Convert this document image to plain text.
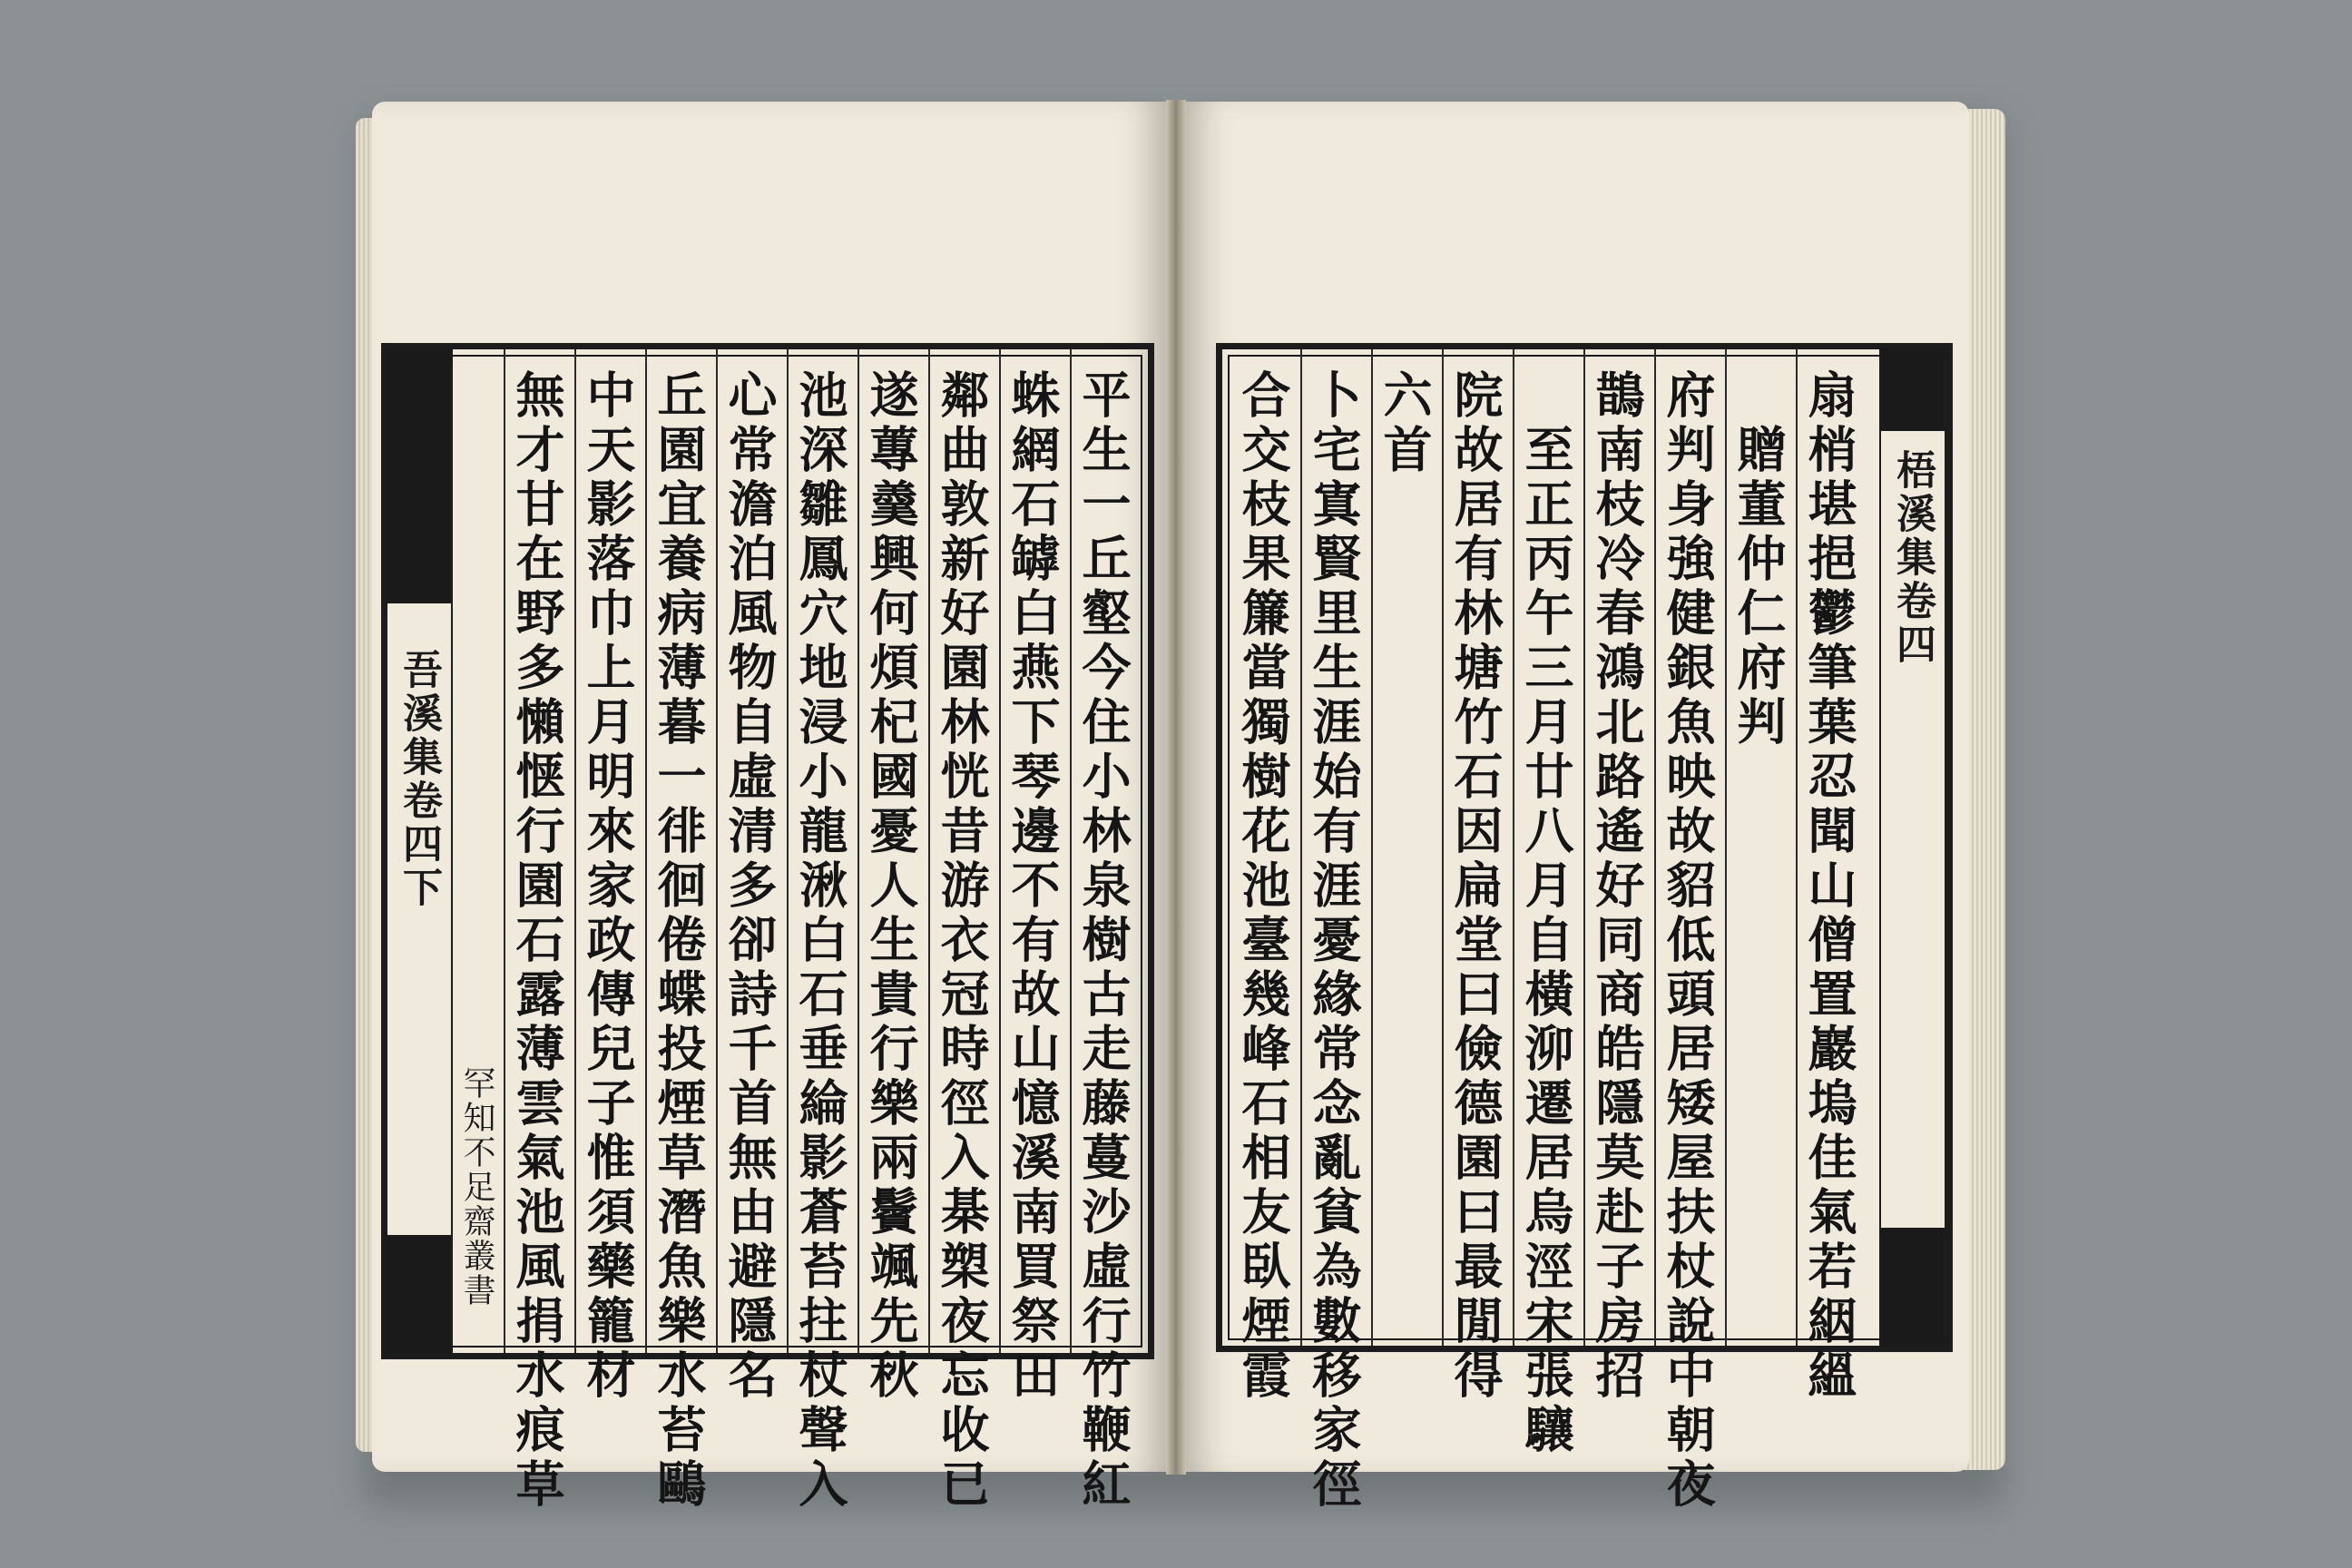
吾溪集卷四下
罕知不足齋叢書 無才甘在野多懶惬行園石露薄雲氣池風捐水痕草 中天影落巾上月明來家政傳兒子惟須藥籠材 丘園宜養病薄暮一徘徊倦蝶投煙草潛魚樂水苔鷗 心常澹泊風物自虛清多卻詩千首無由避隱名 池深雛鳳穴地浸小龍湫白石垂綸影蒼苔拄杖聲入 遂蓴羹興何煩杞國憂人生貴行樂兩鬢颯先秋 鄰曲敦新好園林恍昔游衣冠時徑入棊槊夜忘收已 蛛網石罅白燕下琴邊不有故山憶溪南買祭田 平生一丘壑今住小林泉樹古走藤蔓沙虛行竹鞭紅 合交枝果簾當獨樹花池臺幾峰石相友臥煙霞 卜宅寘賢里生涯始有涯憂緣常念亂貧為數移家徑 六首 院故居有林塘竹石因扁堂曰儉德園曰最閒得 　至正丙午三月廿八月自橫泖遷居烏涇宋張驤 鵲南枝冷春鴻北路遙好同商皓隱莫赴子房招 府判身強健銀魚映故貂低頭居矮屋扶杖說中朝夜 　贈董仲仁府判 扇梢堪挹鬱筆葉忍聞山僧置巖塢佳氣若絪縕 梧溪集卷四
